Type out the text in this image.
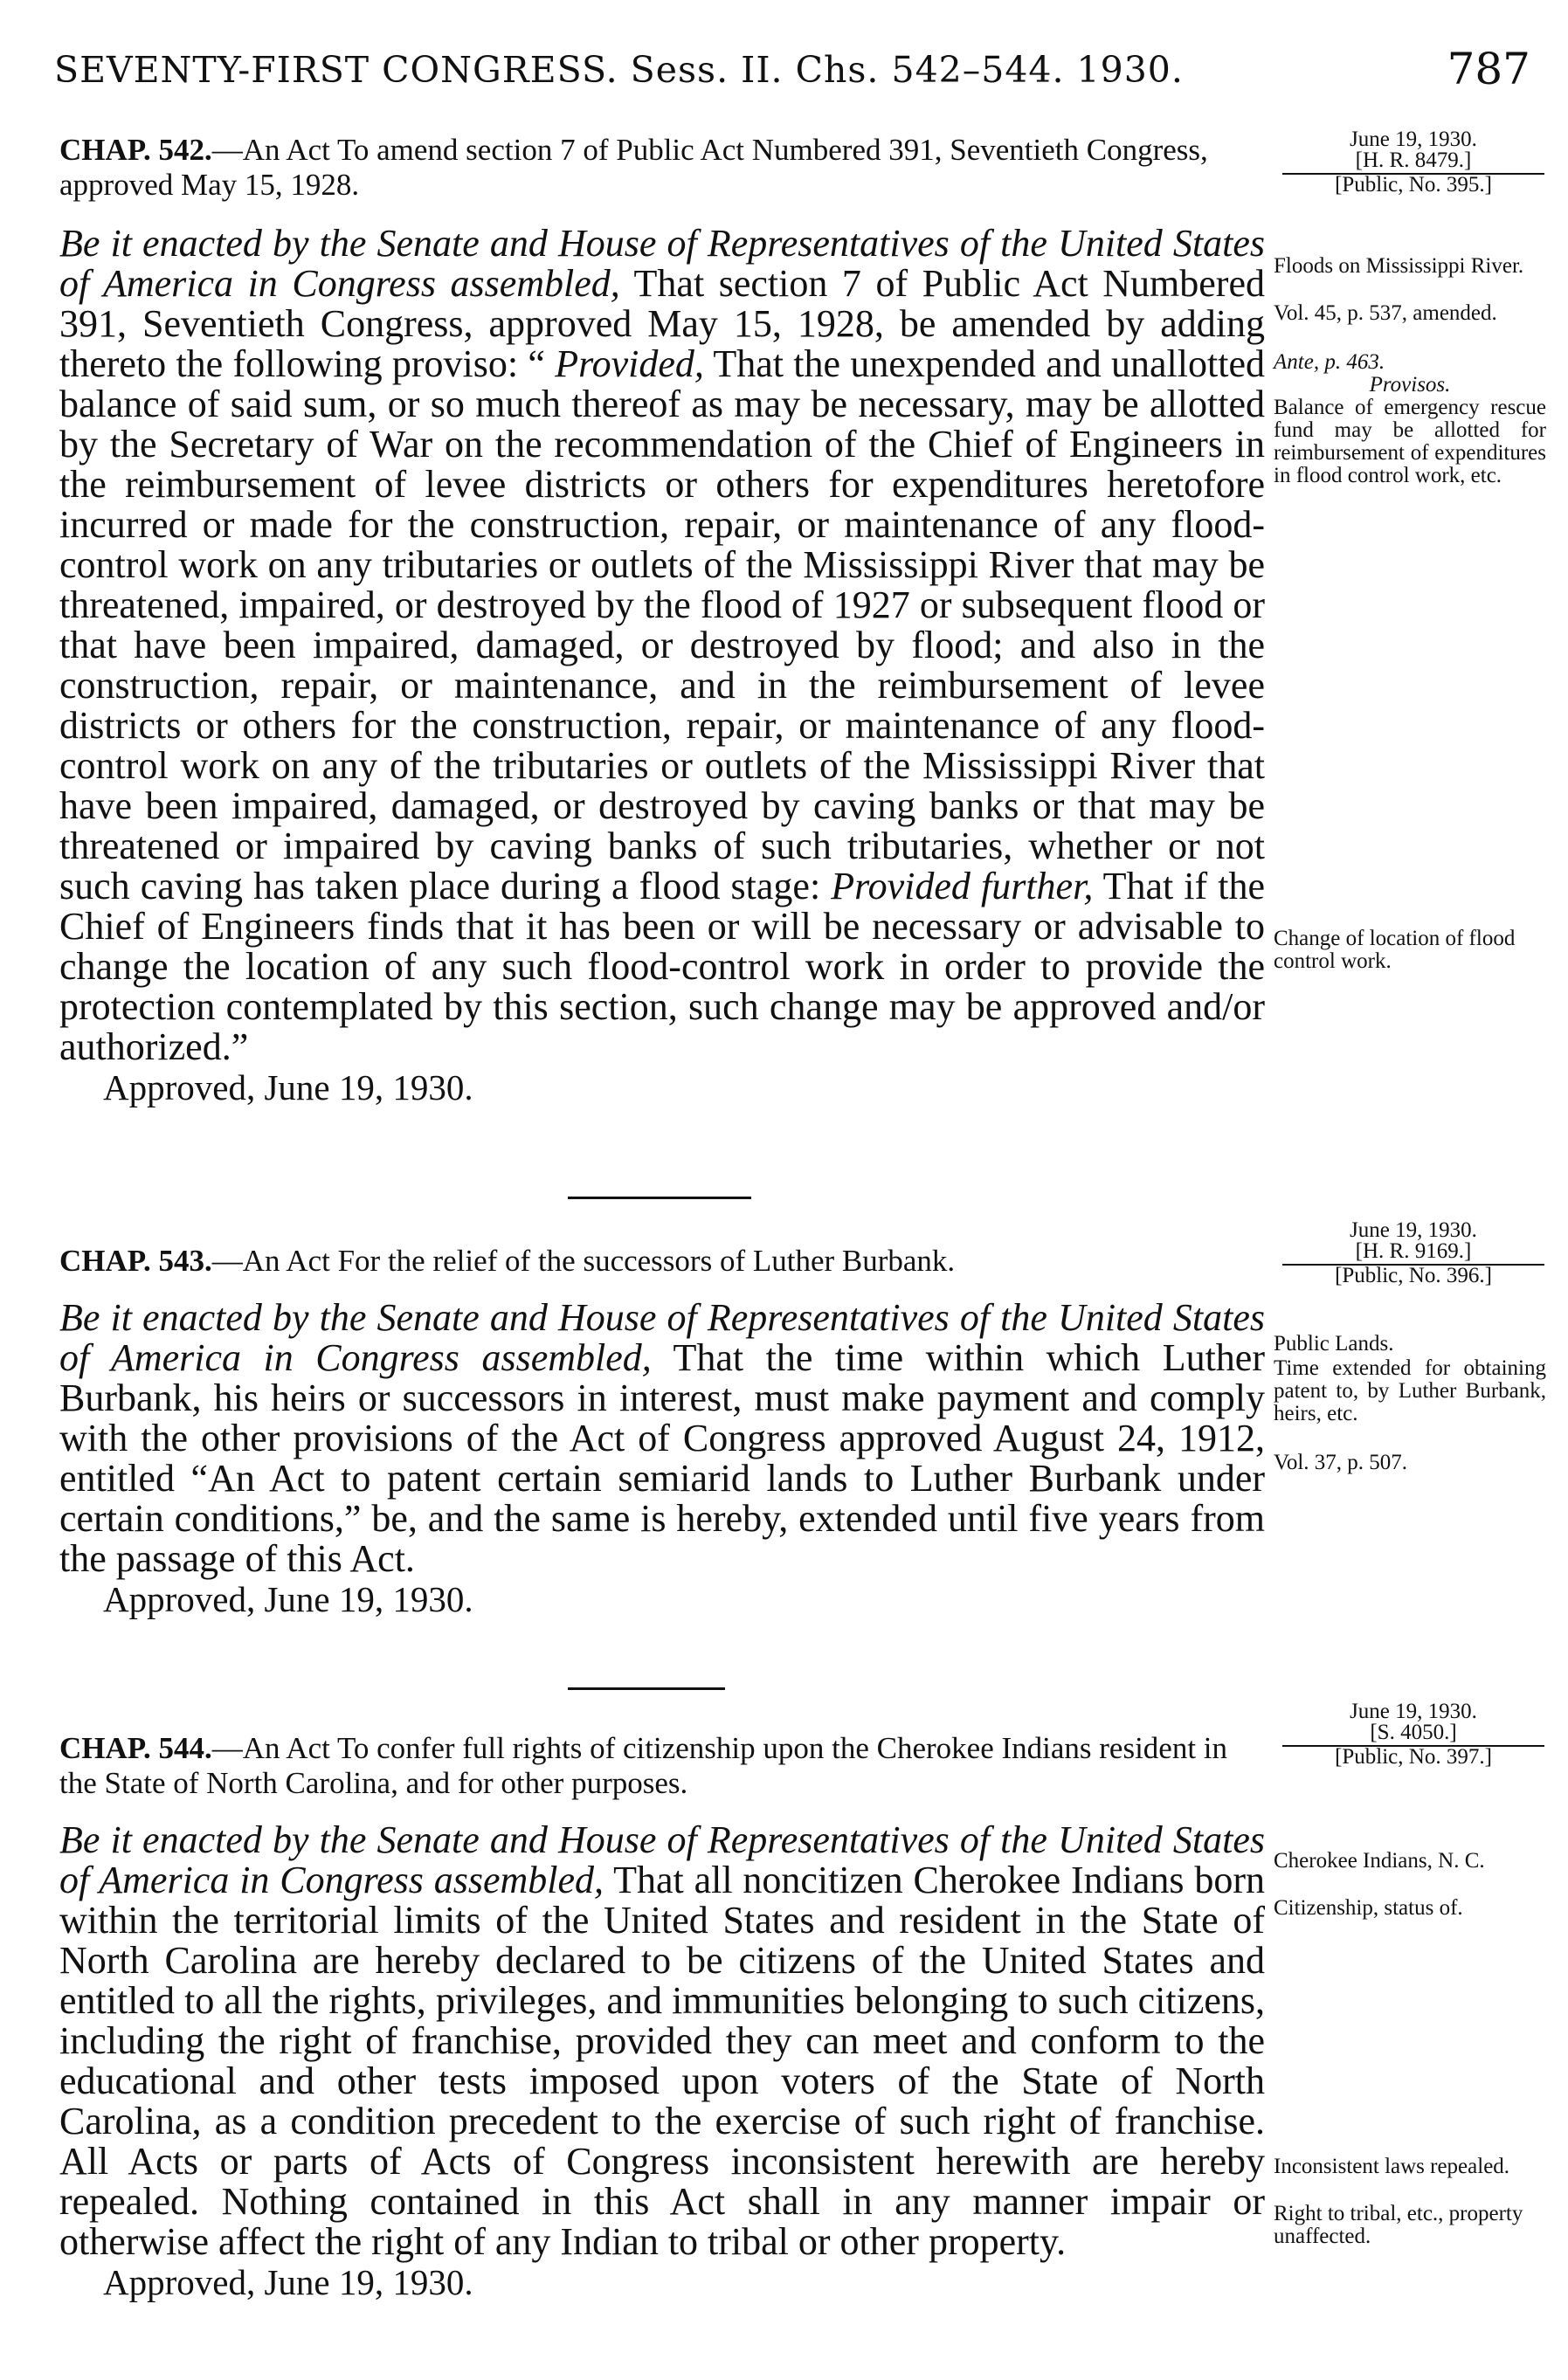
SEVENTY-FIRST CONGRESS. Sess. II. Chs. 542–544. 1930.	787

June 19, 1930.

[H. R. 8479.]

[Public, No. 395.]

CHAP. 542.—An Act To amend section 7 of Public Act Numbered 391, Seventieth Congress, approved May 15, 1928.

Be it enacted by the Senate and House of Representatives of the United States of America in Congress assembled, That section 7 of Public Act Numbered 391, Seventieth Congress, approved May 15, 1928, be amended by adding thereto the following proviso: “ Provided, That the unexpended and unallotted balance of said sum, or so much thereof as may be necessary, may be allotted by the Secretary of War on the recommendation of the Chief of Engineers in the reimbursement of levee districts or others for expenditures heretofore incurred or made for the construction, repair, or maintenance of any flood-control work on any tributaries or outlets of the Mississippi River that may be threatened, impaired, or destroyed by the flood of 1927 or subsequent flood or that have been impaired, damaged, or destroyed by flood; and also in the construction, repair, or maintenance, and in the reimbursement of levee districts or others for the construction, repair, or maintenance of any flood-control work on any of the tributaries or outlets of the Mississippi River that have been impaired, damaged, or destroyed by caving banks or that may be threatened or impaired by caving banks of such tributaries, whether or not such caving has taken place during a flood stage: Provided further, That if the Chief of Engineers finds that it has been or will be necessary or advisable to change the location of any such flood-control work in order to provide the protection contemplated by this section, such change may be approved and/or authorized.”

Approved, June 19, 1930.

Floods on Mississippi River.

Vol. 45, p. 537, amended.

Ante, p. 463.

Provisos.

Balance of emergency rescue fund may be allotted for reimbursement of expenditures in flood control work, etc.

Change of location of flood control work.

June 19, 1930.

[H. R. 9169.]

[Public, No. 396.]

CHAP. 543.—An Act For the relief of the successors of Luther Burbank.

Be it enacted by the Senate and House of Representatives of the United States of America in Congress assembled, That the time within which Luther Burbank, his heirs or successors in interest, must make payment and comply with the other provisions of the Act of Congress approved August 24, 1912, entitled “An Act to patent certain semiarid lands to Luther Burbank under certain conditions,” be, and the same is hereby, extended until five years from the passage of this Act.

Approved, June 19, 1930.

Public Lands.

Time extended for obtaining patent to, by Luther Burbank, heirs, etc.

Vol. 37, p. 507.

June 19, 1930.

[S. 4050.]

[Public, No. 397.]

CHAP. 544.—An Act To confer full rights of citizenship upon the Cherokee Indians resident in the State of North Carolina, and for other purposes.

Be it enacted by the Senate and House of Representatives of the United States of America in Congress assembled, That all noncitizen Cherokee Indians born within the territorial limits of the United States and resident in the State of North Carolina are hereby declared to be citizens of the United States and entitled to all the rights, privileges, and immunities belonging to such citizens, including the right of franchise, provided they can meet and conform to the educational and other tests imposed upon voters of the State of North Carolina, as a condition precedent to the exercise of such right of franchise. All Acts or parts of Acts of Congress inconsistent herewith are hereby repealed. Nothing contained in this Act shall in any manner impair or otherwise affect the right of any Indian to tribal or other property.

Approved, June 19, 1930.

Cherokee Indians, N. C.

Citizenship, status of.

Inconsistent laws repealed.

Right to tribal, etc., property unaffected.
